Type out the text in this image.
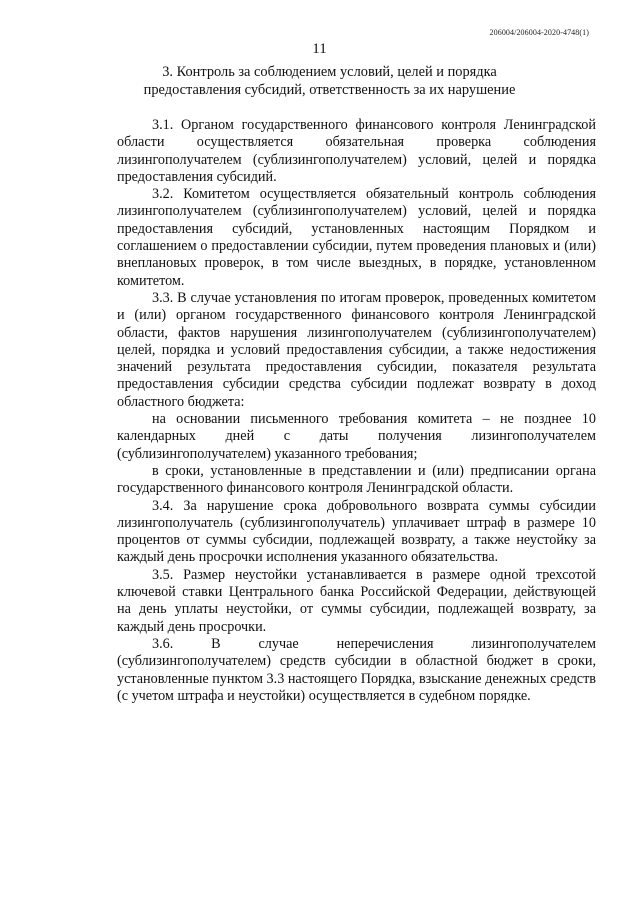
206004/206004-2020-4748(1)
11
3. Контроль за соблюдением условий, целей и порядка
предоставления субсидий, ответственность за их нарушение

3.1. Органом государственного финансового контроля Ленинградской области осуществляется обязательная проверка соблюдения лизингополучателем (сублизингополучателем) условий, целей и порядка предоставления субсидий.

3.2. Комитетом осуществляется обязательный контроль соблюдения лизингополучателем (сублизингополучателем) условий, целей и порядка предоставления субсидий, установленных настоящим Порядком и соглашением о предоставлении субсидии, путем проведения плановых и (или) внеплановых проверок, в том числе выездных, в порядке, установленном комитетом.

3.3. В случае установления по итогам проверок, проведенных комитетом и (или) органом государственного финансового контроля Ленинградской области, фактов нарушения лизингополучателем (сублизингополучателем) целей, порядка и условий предоставления субсидии, а также недостижения значений результата предоставления субсидии, показателя результата предоставления субсидии средства субсидии подлежат возврату в доход областного бюджета:

на основании письменного требования комитета – не позднее 10 календарных дней с даты получения лизингополучателем (сублизингополучателем) указанного требования;

в сроки, установленные в представлении и (или) предписании органа государственного финансового контроля Ленинградской области.

3.4. За нарушение срока добровольного возврата суммы субсидии лизингополучатель (сублизингополучатель) уплачивает штраф в размере 10 процентов от суммы субсидии, подлежащей возврату, а также неустойку за каждый день просрочки исполнения указанного обязательства.

3.5. Размер неустойки устанавливается в размере одной трехсотой ключевой ставки Центрального банка Российской Федерации, действующей на день уплаты неустойки, от суммы субсидии, подлежащей возврату, за каждый день просрочки.

3.6. В случае неперечисления лизингополучателем (сублизингополучателем) средств субсидии в областной бюджет в сроки, установленные пунктом 3.3 настоящего Порядка, взыскание денежных средств (с учетом штрафа и неустойки) осуществляется в судебном порядке.
